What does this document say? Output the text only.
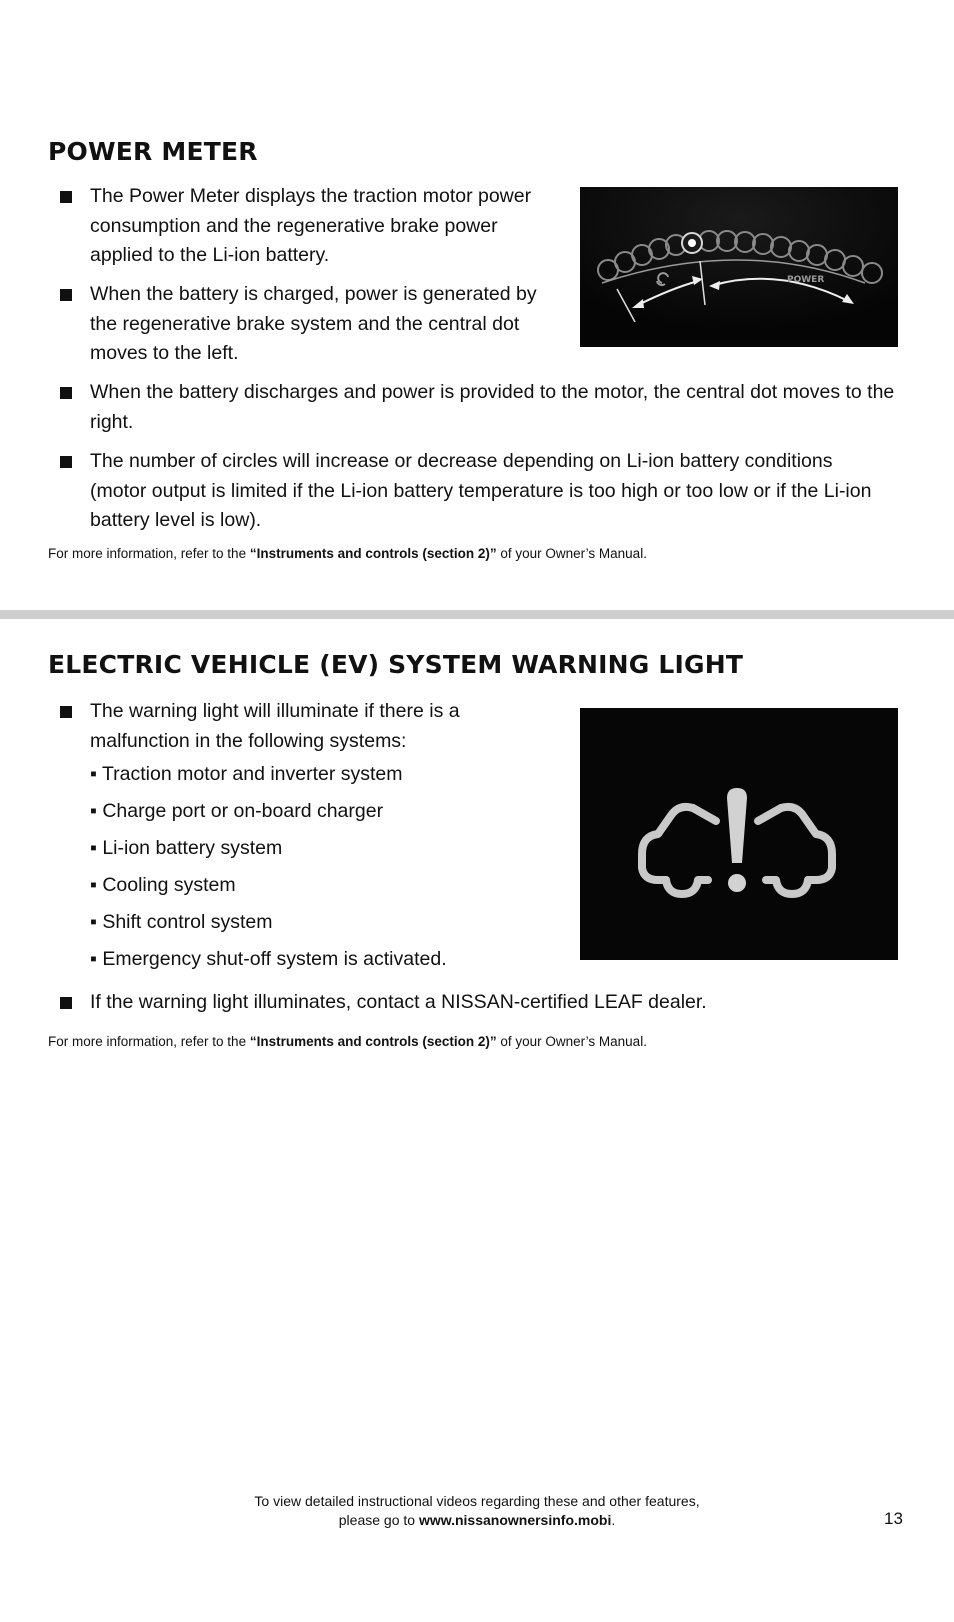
POWER METER
The Power Meter displays the traction motor power consumption and the regenerative brake power applied to the Li-ion battery.
When the battery is charged, power is generated by the regenerative brake system and the central dot moves to the left.
When the battery discharges and power is provided to the motor, the central dot moves to the right.
The number of circles will increase or decrease depending on Li-ion battery conditions (motor output is limited if the Li-ion battery temperature is too high or too low or if the Li-ion battery level is low).
For more information, refer to the “Instruments and controls (section 2)” of your Owner’s Manual.
POWER
ELECTRIC VEHICLE (EV) SYSTEM WARNING LIGHT
The warning light will illuminate if there is a malfunction in the following systems:
▪ Traction motor and inverter system
▪ Charge port or on-board charger
▪ Li-ion battery system
▪ Cooling system
▪ Shift control system
▪ Emergency shut-off system is activated.
If the warning light illuminates, contact a NISSAN-certified LEAF dealer.
For more information, refer to the “Instruments and controls (section 2)” of your Owner’s Manual.
To view detailed instructional videos regarding these and other features,
please go to www.nissanownersinfo.mobi.	13
